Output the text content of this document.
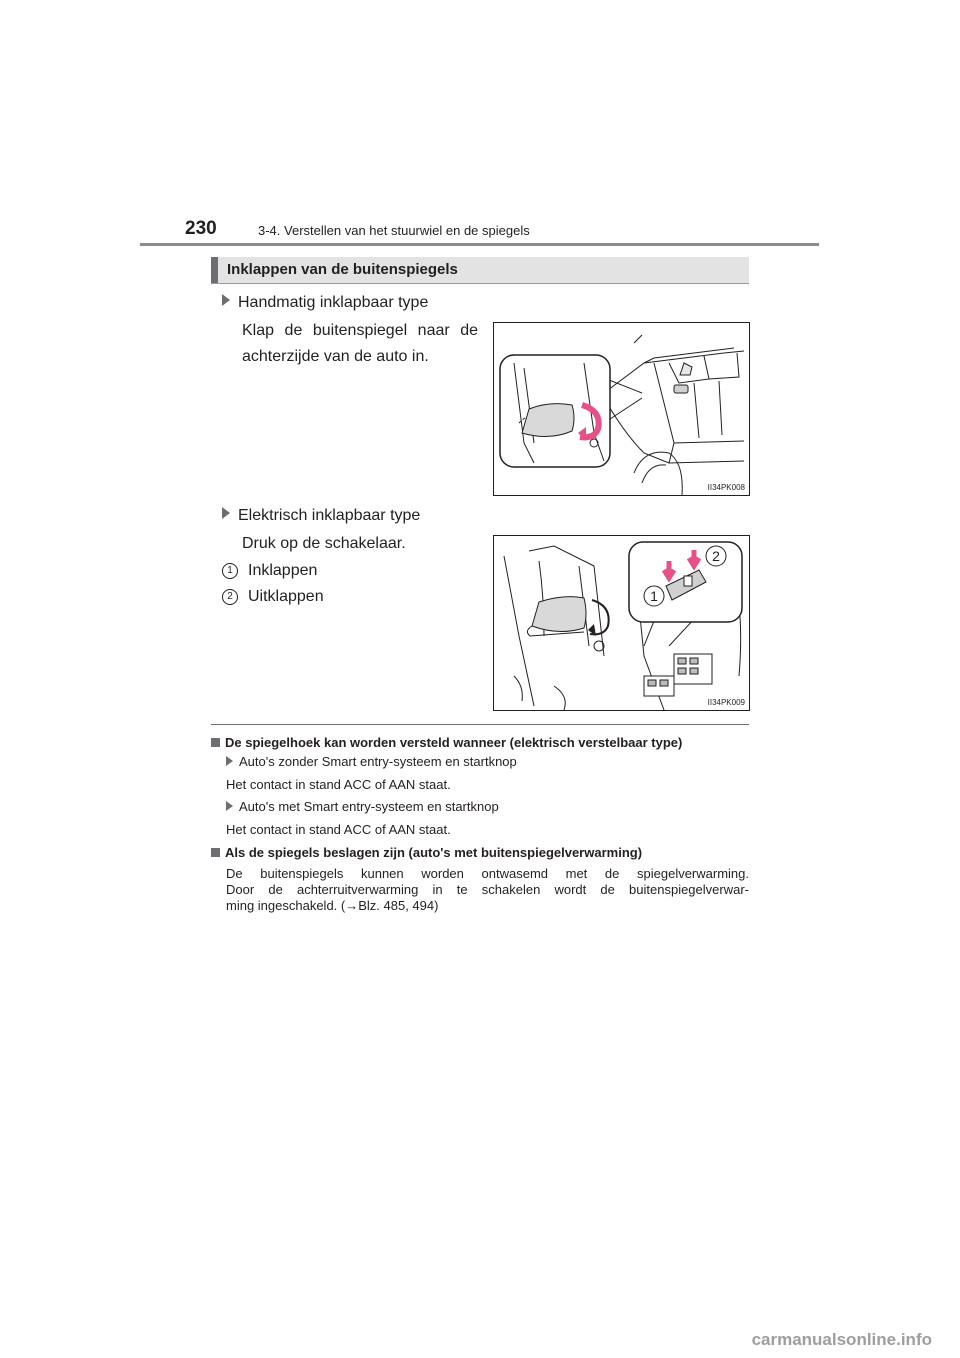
230	3-4. Verstellen van het stuurwiel en de spiegels
Inklappen van de buitenspiegels
Handmatig inklapbaar type
Klap de buitenspiegel naar de achterzijde van de auto in.
II34PK008
Elektrisch inklapbaar type
Druk op de schakelaar.
1 Inklappen
2 Uitklappen	1
2
II34PK009
De spiegelhoek kan worden versteld wanneer (elektrisch verstelbaar type)
Auto's zonder Smart entry-systeem en startknop
Het contact in stand ACC of AAN staat.
Auto's met Smart entry-systeem en startknop
Het contact in stand ACC of AAN staat.
Als de spiegels beslagen zijn (auto's met buitenspiegelverwarming)
De buitenspiegels kunnen worden ontwasemd met de spiegelverwarming.
Door de achterruitverwarming in te schakelen wordt de buitenspiegelverwar-
ming ingeschakeld. (→Blz. 485, 494)
carmanualsonline.info
